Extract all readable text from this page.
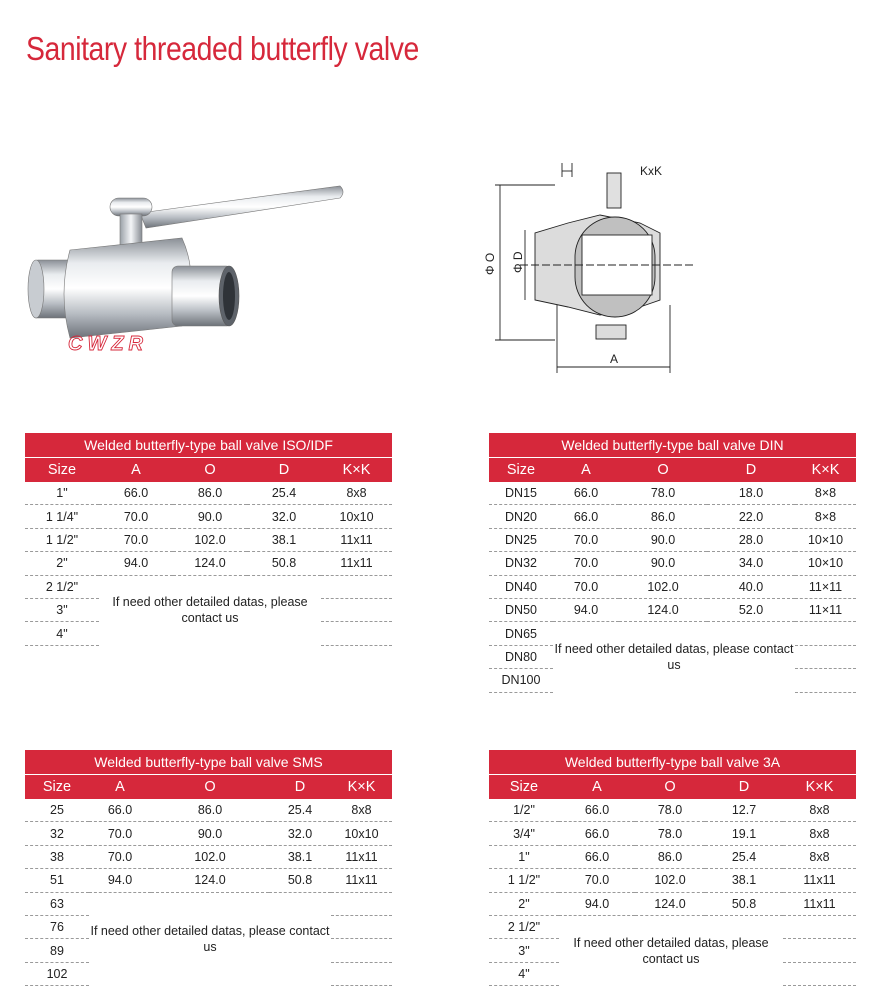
Sanitary threaded butterfly valve
CWZR
KxK
Φ O Φ D
A
Welded butterfly-type ball valve ISO/IDF				
Size	A	O	D	K×K
1"	66.0	86.0	25.4	8x8
1 1/4"	70.0	90.0	32.0	10x10
1 1/2"	70.0	102.0	38.1	11x11
2"	94.0	124.0	50.8	11x11
2 1/2"	If need other detailed datas, please contact us			
3"				
4"				
Welded butterfly-type ball valve DIN				
Size	A	O	D	K×K
DN15	66.0	78.0	18.0	8×8
DN20	66.0	86.0	22.0	8×8
DN25	70.0	90.0	28.0	10×10
DN32	70.0	90.0	34.0	10×10
DN40	70.0	102.0	40.0	11×11
DN50	94.0	124.0	52.0	11×11
DN65	If need other detailed datas, please contact us			
DN80				
DN100				
Welded butterfly-type ball valve SMS				
Size	A	O	D	K×K
25	66.0	86.0	25.4	8x8
32	70.0	90.0	32.0	10x10
38	70.0	102.0	38.1	11x11
51	94.0	124.0	50.8	11x11
63	If need other detailed datas, please contact us			
76				
89				
102				
Welded butterfly-type ball valve 3A				
Size	A	O	D	K×K
1/2"	66.0	78.0	12.7	8x8
3/4"	66.0	78.0	19.1	8x8
1"	66.0	86.0	25.4	8x8
1 1/2"	70.0	102.0	38.1	11x11
2"	94.0	124.0	50.8	11x11
2 1/2"	If need other detailed datas, please contact us			
3"				
4"				
